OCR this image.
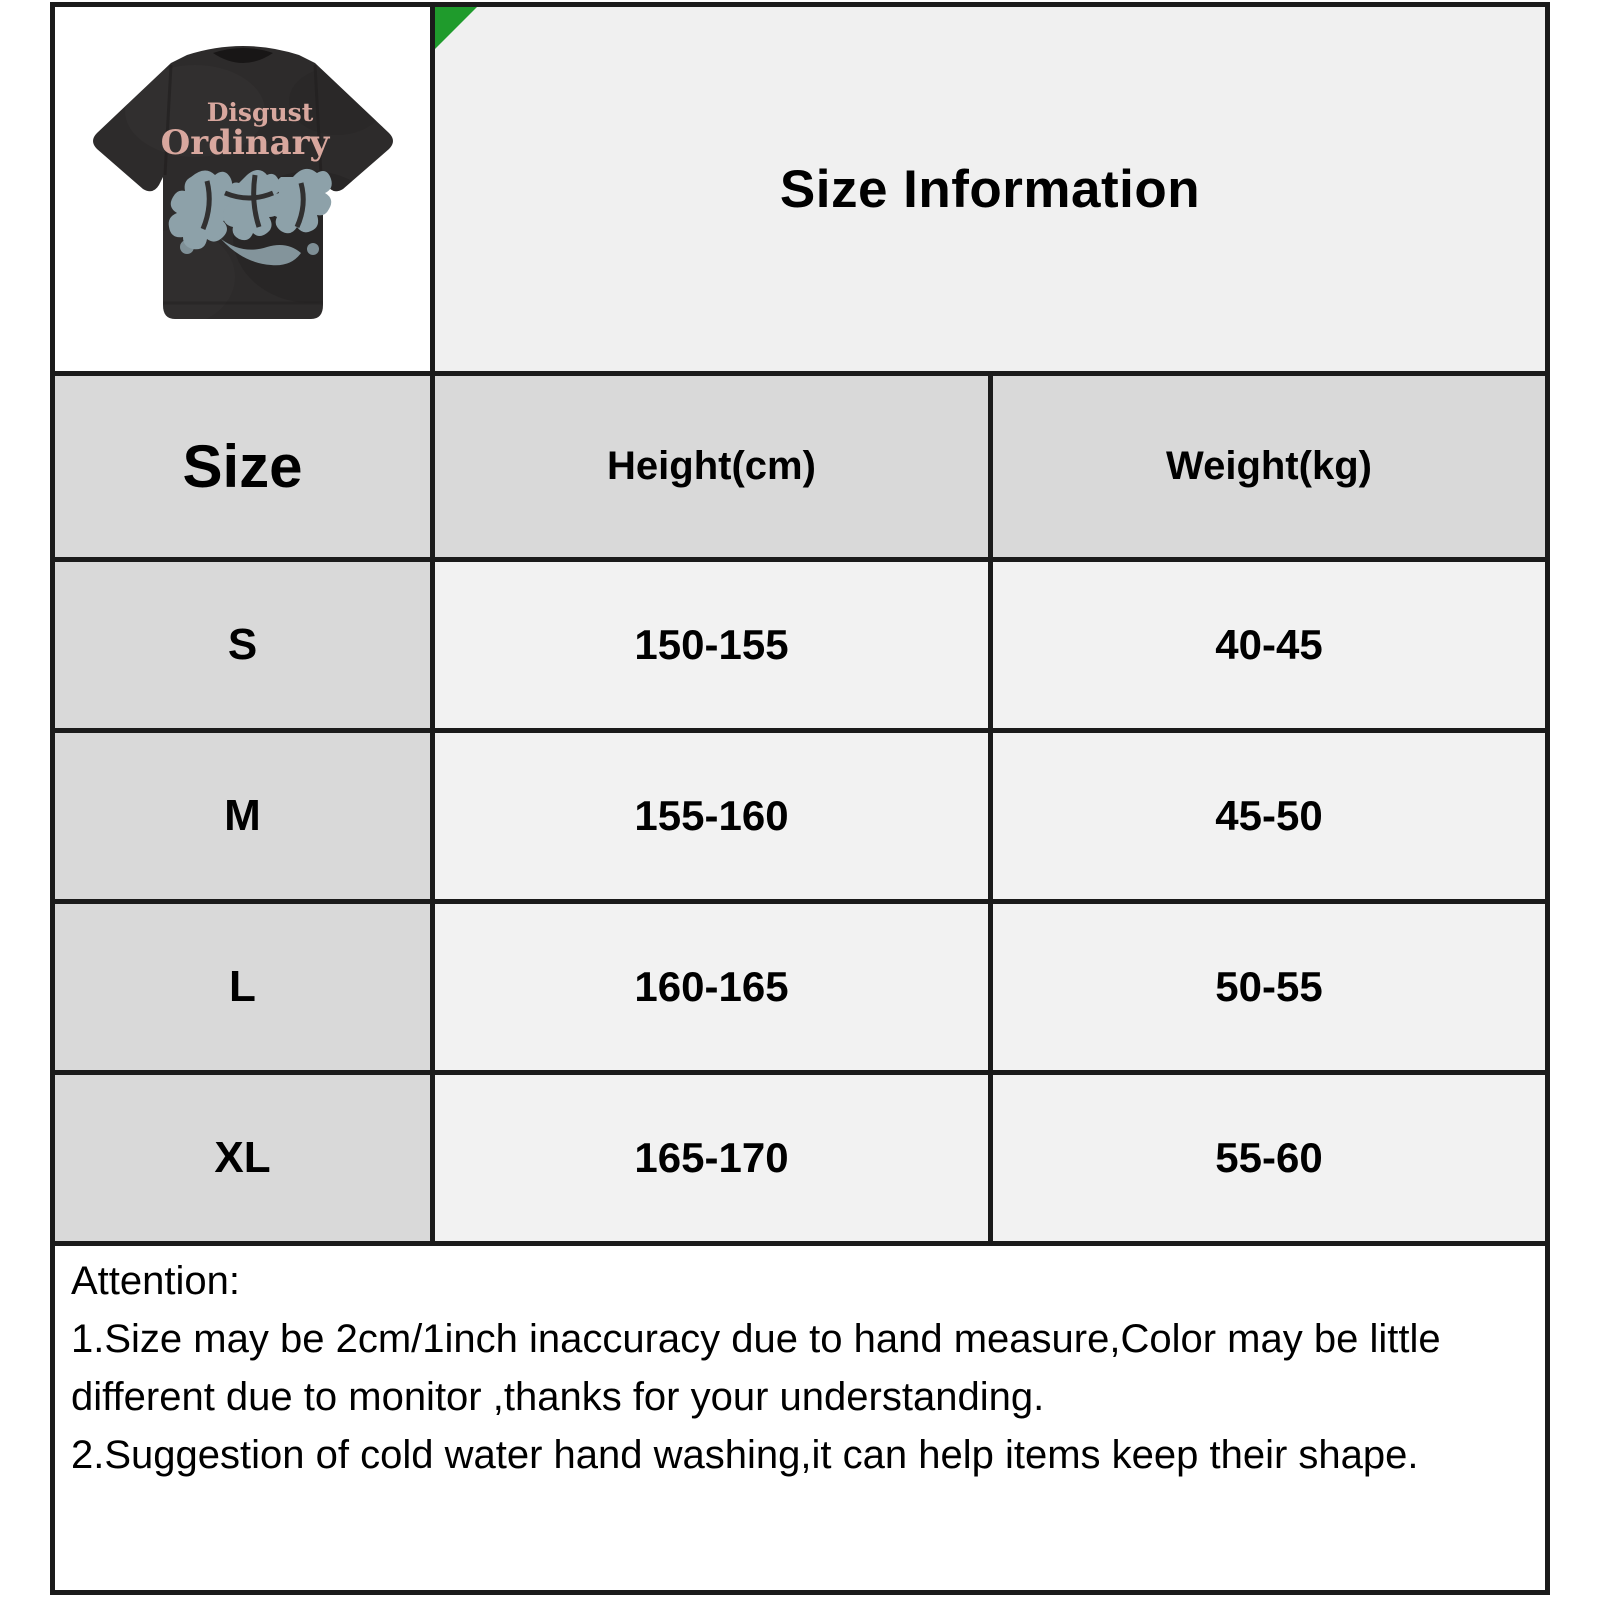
Disgust
Ordinary	Size Information	
Size	Height(cm)	Weight(kg)
S	150-155	40-45
M	155-160	45-50
L	160-165	50-55
XL	165-170	55-60

Attention:
1.Size may be 2cm/1inch inaccuracy due to hand measure,Color may be little
different due to monitor ,thanks for your understanding.
2.Suggestion of cold water hand washing,it can help items keep their shape.		
